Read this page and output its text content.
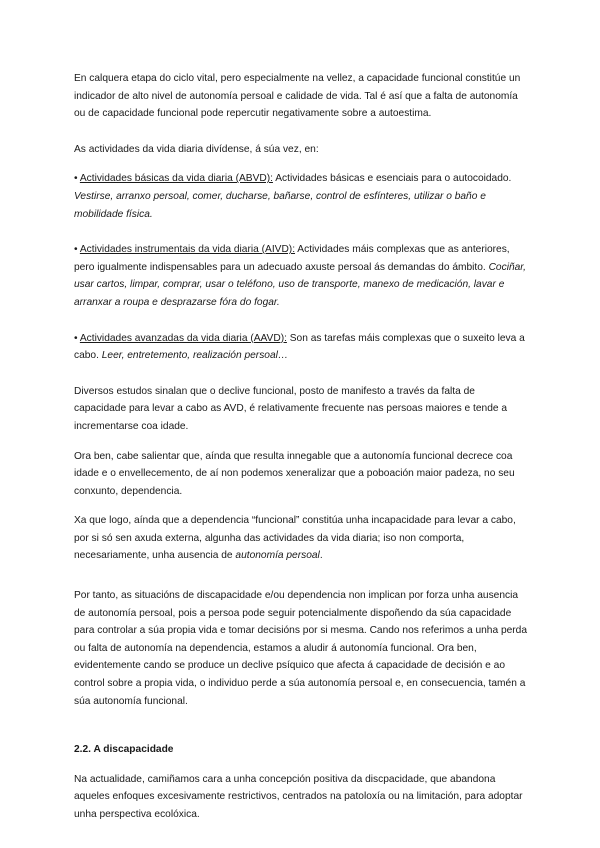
En calquera etapa do ciclo vital, pero especialmente na vellez, a capacidade funcional constitúe un indicador de alto nivel de autonomía persoal e calidade de vida. Tal é así que a falta de autonomía ou de capacidade funcional pode repercutir negativamente sobre a autoestima.

As actividades da vida diaria divídense, á súa vez, en:

• Actividades básicas da vida diaria (ABVD): Actividades básicas e esenciais para o autocoidado. Vestirse, arranxo persoal, comer, ducharse, bañarse, control de esfínteres, utilizar o baño e mobilidade física.

• Actividades instrumentais da vida diaria (AIVD): Actividades máis complexas que as anteriores, pero igualmente indispensables para un adecuado axuste persoal ás demandas do ámbito. Cociñar, usar cartos, limpar, comprar, usar o teléfono, uso de transporte, manexo de medicación, lavar e arranxar a roupa e desprazarse fóra do fogar.

• Actividades avanzadas da vida diaria (AAVD): Son as tarefas máis complexas que o suxeito leva a cabo. Leer, entretemento, realización persoal…

Diversos estudos sinalan que o declive funcional, posto de manifesto a través da falta de capacidade para levar a cabo as AVD, é relativamente frecuente nas persoas maiores e tende a incrementarse coa idade.

Ora ben, cabe salientar que, aínda que resulta innegable que a autonomía funcional decrece coa idade e o envellecemento, de aí non podemos xeneralizar que a poboación maior padeza, no seu conxunto, dependencia.

Xa que logo, aínda que a dependencia “funcional” constitúa unha incapacidade para levar a cabo, por si só sen axuda externa, algunha das actividades da vida diaria; iso non comporta, necesariamente, unha ausencia de autonomía persoal.

Por tanto, as situacións de discapacidade e/ou dependencia non implican por forza unha ausencia de autonomía persoal, pois a persoa pode seguir potencialmente dispoñendo da súa capacidade para controlar a súa propia vida e tomar decisións por si mesma. Cando nos referimos a unha perda ou falta de autonomía na dependencia, estamos a aludir á autonomía funcional. Ora ben, evidentemente cando se produce un declive psíquico que afecta á capacidade de decisión e ao control sobre a propia vida, o individuo perde a súa autonomía persoal e, en consecuencia, tamén a súa autonomía funcional.

2.2. A discapacidade

Na actualidade, camiñamos cara a unha concepción positiva da discpacidade, que abandona aqueles enfoques excesivamente restrictivos, centrados na patoloxía ou na limitación, para adoptar unha perspectiva ecolóxica.
